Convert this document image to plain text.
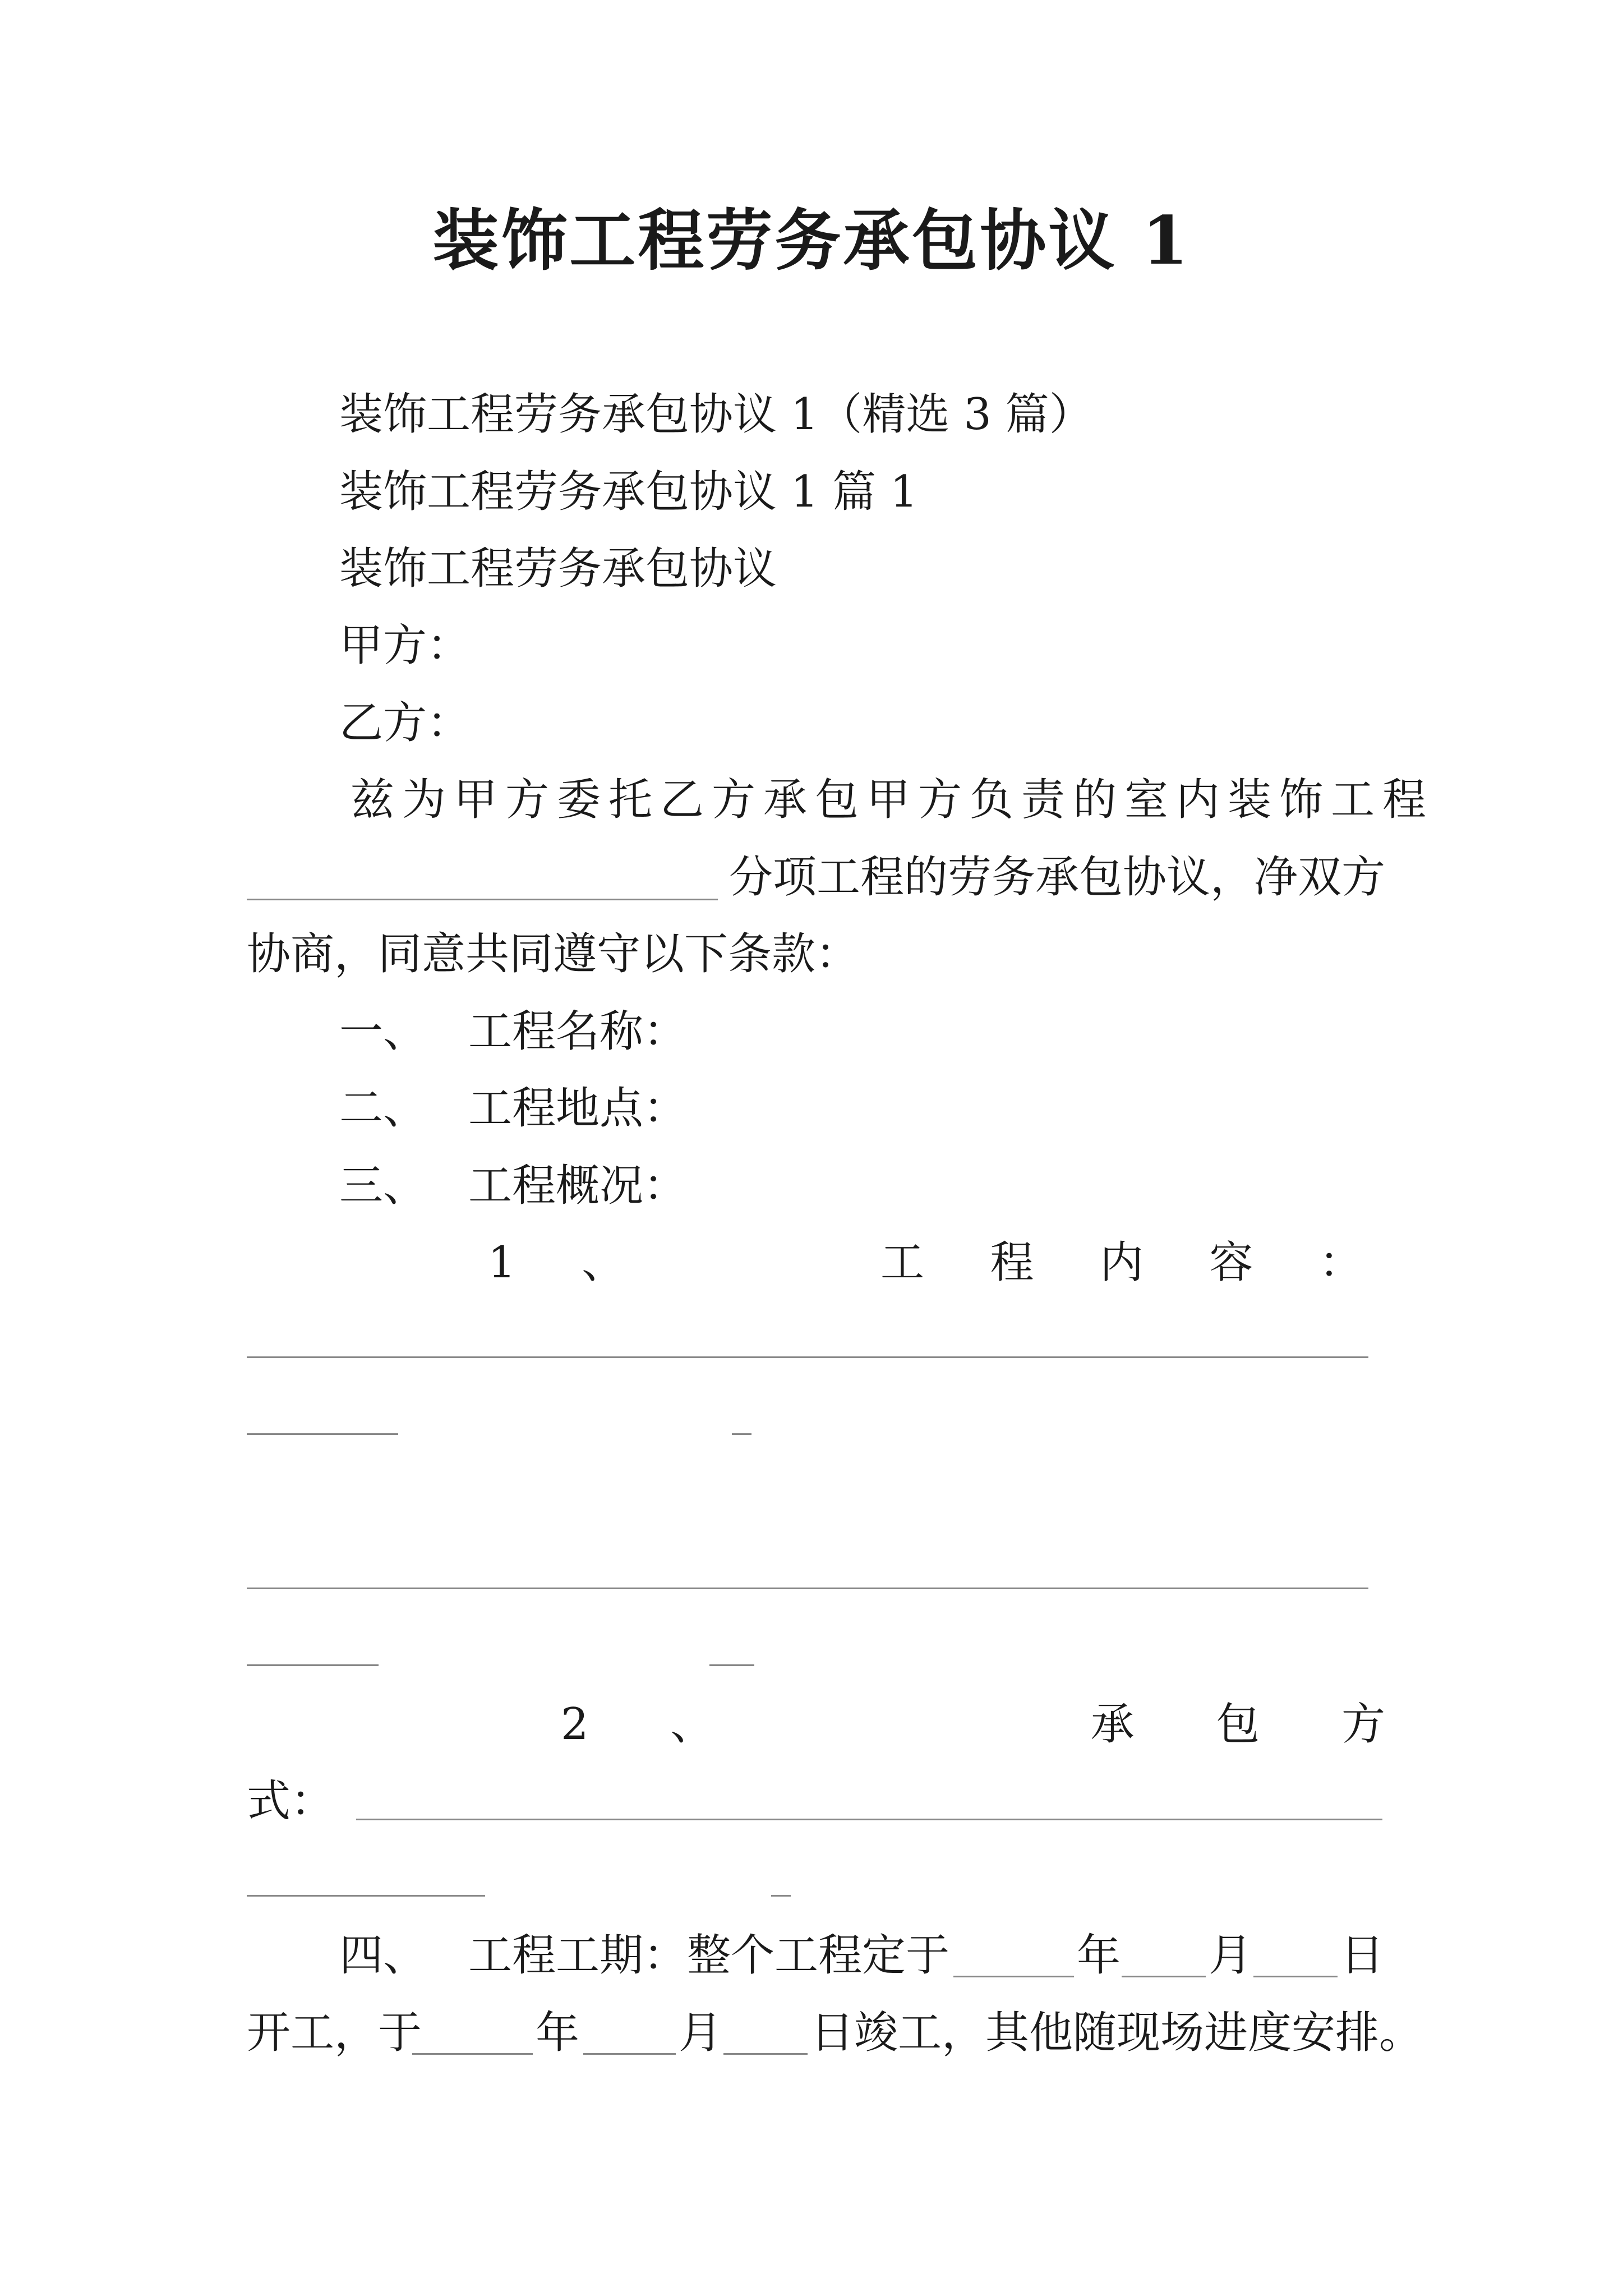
装饰工程劳务承包协议 1
装饰工程劳务承包协议 1（精选 3 篇）
装饰工程劳务承包协议 1 篇 1
装饰工程劳务承包协议
甲方：
乙方：
兹为甲方委托乙方承包甲方负责的室内装饰工程
分项工程的劳务承包协议，净双方
协商，同意共同遵守以下条款：
一、 工程名称：
二、 工程地点：
三、 工程概况：
1 、	工 程 内 容 ：
2 、	承 包 方
式：
四、 工程工期：整个工程定于	年 月 日
开工，于	年 月 日竣工，其他随现场进度安排。
